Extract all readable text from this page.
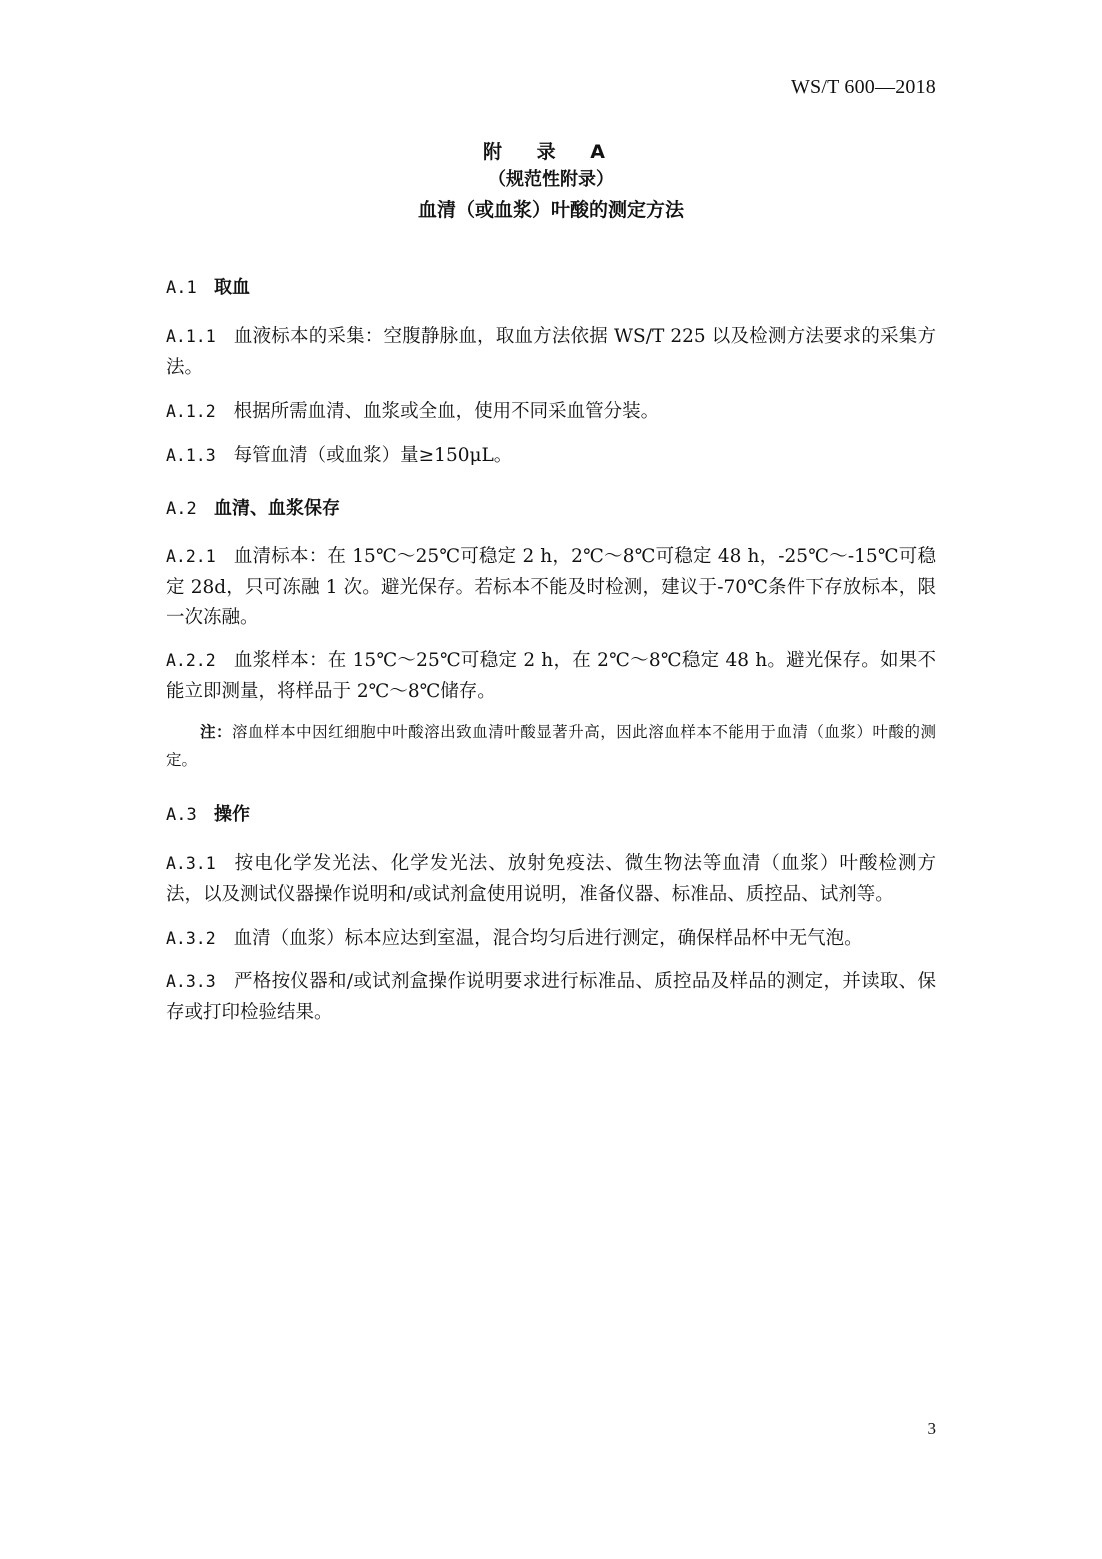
WS/T 600—2018
附 录 A
（规范性附录）
血清（或血浆）叶酸的测定方法
A.1 取血
A.1.1 血液标本的采集：空腹静脉血，取血方法依据 WS/T 225 以及检测方法要求的采集方法。
A.1.2 根据所需血清、血浆或全血，使用不同采血管分装。
A.1.3 每管血清（或血浆）量≥150μL。
A.2 血清、血浆保存
A.2.1 血清标本：在 15℃～25℃可稳定 2 h，2℃～8℃可稳定 48 h，-25℃～-15℃可稳定 28d，只可冻融 1 次。避光保存。若标本不能及时检测，建议于-70℃条件下存放标本，限一次冻融。
A.2.2 血浆样本：在 15℃～25℃可稳定 2 h，在 2℃～8℃稳定 48 h。避光保存。如果不能立即测量，将样品于 2℃～8℃储存。
注：溶血样本中因红细胞中叶酸溶出致血清叶酸显著升高，因此溶血样本不能用于血清（血浆）叶酸的测定。
A.3 操作
A.3.1 按电化学发光法、化学发光法、放射免疫法、微生物法等血清（血浆）叶酸检测方法，以及测试仪器操作说明和/或试剂盒使用说明，准备仪器、标准品、质控品、试剂等。
A.3.2 血清（血浆）标本应达到室温，混合均匀后进行测定，确保样品杯中无气泡。
A.3.3 严格按仪器和/或试剂盒操作说明要求进行标准品、质控品及样品的测定，并读取、保存或打印检验结果。
3
